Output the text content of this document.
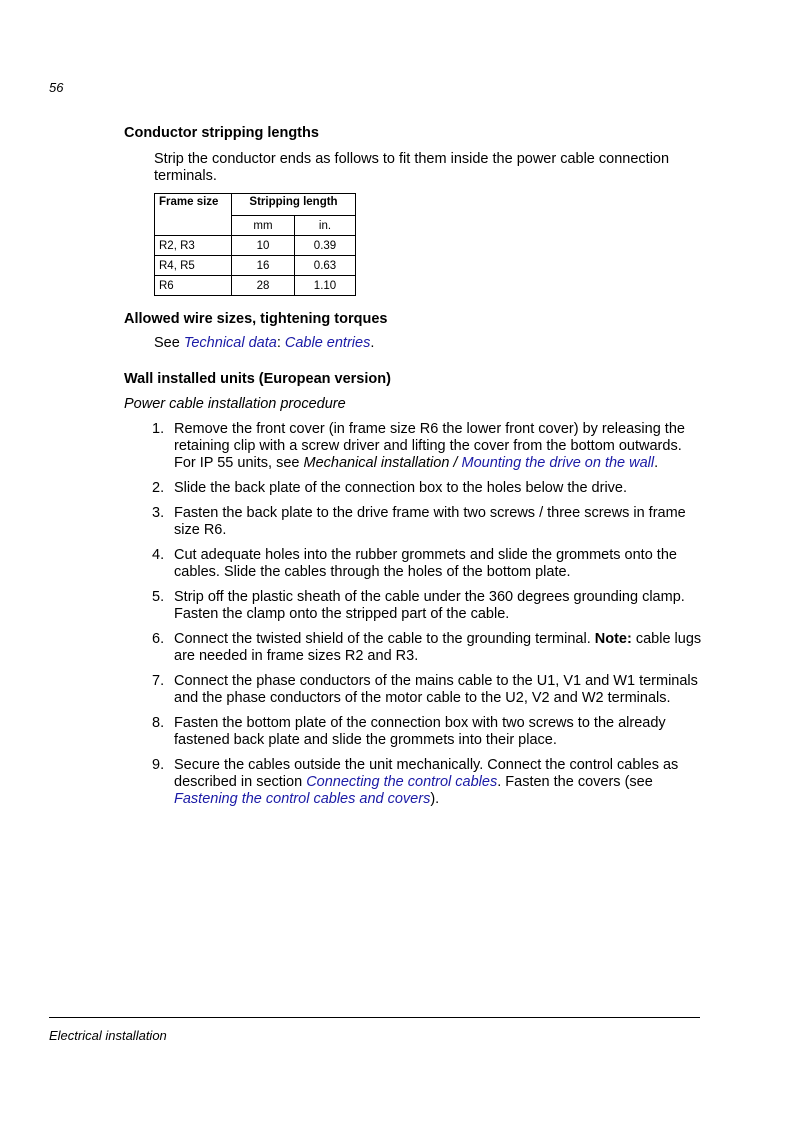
56
Conductor stripping lengths
Strip the conductor ends as follows to fit them inside the power cable connection terminals.
Frame size	Stripping length	
	mm	in.
R2, R3	10	0.39
R4, R5	16	0.63
R6	28	1.10
Allowed wire sizes, tightening torques
See Technical data: Cable entries.
Wall installed units (European version)
Power cable installation procedure
1. Remove the front cover (in frame size R6 the lower front cover) by releasing the retaining clip with a screw driver and lifting the cover from the bottom outwards. For IP 55 units, see Mechanical installation / Mounting the drive on the wall.
2. Slide the back plate of the connection box to the holes below the drive.
3. Fasten the back plate to the drive frame with two screws / three screws in frame size R6.
4. Cut adequate holes into the rubber grommets and slide the grommets onto the cables. Slide the cables through the holes of the bottom plate.
5. Strip off the plastic sheath of the cable under the 360 degrees grounding clamp. Fasten the clamp onto the stripped part of the cable.
6. Connect the twisted shield of the cable to the grounding terminal. Note: cable lugs are needed in frame sizes R2 and R3.
7. Connect the phase conductors of the mains cable to the U1, V1 and W1 terminals and the phase conductors of the motor cable to the U2, V2 and W2 terminals.
8. Fasten the bottom plate of the connection box with two screws to the already fastened back plate and slide the grommets into their place.
9. Secure the cables outside the unit mechanically. Connect the control cables as described in section Connecting the control cables. Fasten the covers (see Fastening the control cables and covers).
Electrical installation
